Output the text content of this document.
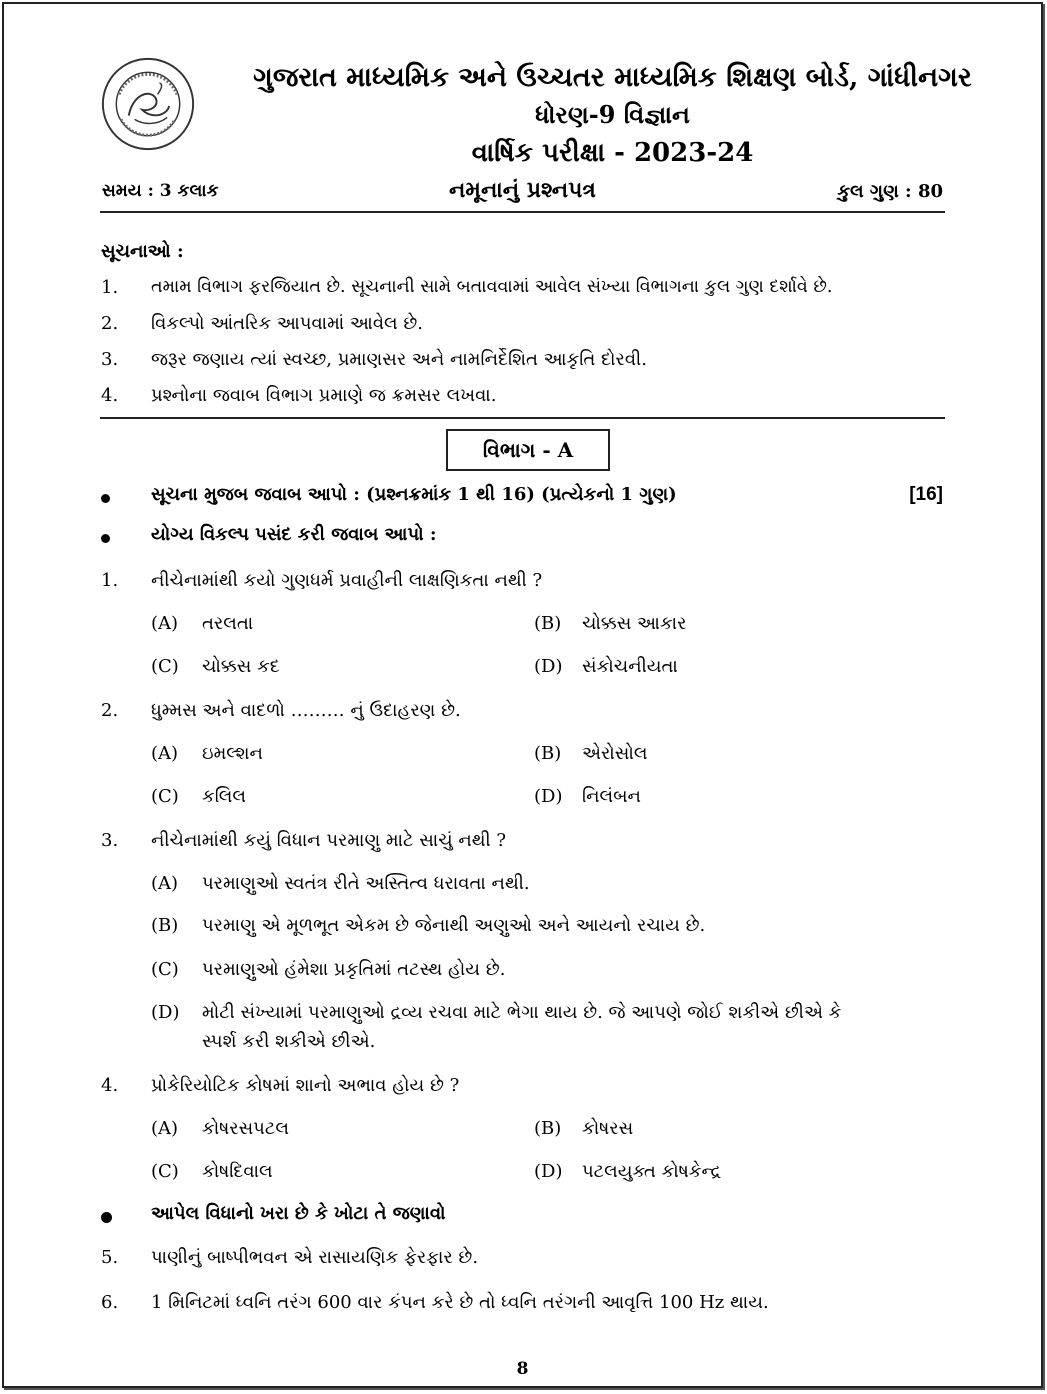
ગુજરાત માધ્યમિક અને ઉચ્ચતર માધ્યમિક શિક્ષણ બોર્ડ, ગાંધીનગર
ધોરણ-9 વિજ્ઞાન
વાર્ષિક પરીક્ષા - 2023-24
સમય : 3 કલાક	નમૂનાનું પ્રશ્નપત્ર	કુલ ગુણ : 80
સૂચનાઓ :
1. તમામ વિભાગ ફરજિયાત છે. સૂચનાની સામે બતાવવામાં આવેલ સંખ્યા વિભાગના કુલ ગુણ દર્શાવે છે.
2. વિકલ્પો આંતરિક આપવામાં આવેલ છે.
3. જરૂર જણાય ત્યાં સ્વચ્છ, પ્રમાણસર અને નામનિર્દેશિત આકૃતિ દોરવી.
4. પ્રશ્નોના જવાબ વિભાગ પ્રમાણે જ ક્રમસર લખવા.
વિભાગ - A
સૂચના મુજબ જવાબ આપો : (પ્રશ્નક્રમાંક 1 થી 16) (પ્રત્યેકનો 1 ગુણ)	[16]
યોગ્ય વિકલ્પ પસંદ કરી જવાબ આપો :
1. નીચેનામાંથી કયો ગુણધર્મ પ્રવાહીની લાક્ષણિકતા નથી ?
(A) તરલતા	(B) ચોક્કસ આકાર
(C) ચોક્કસ કદ	(D) સંકોચનીયતા
2. ધુમ્મસ અને વાદળો ……… નું ઉદાહરણ છે.
(A) ઇમલ્શન	(B) એરોસોલ
(C) કલિલ	(D) નિલંબન
3. નીચેનામાંથી કયું વિધાન પરમાણુ માટે સાચું નથી ?
(A) પરમાણુઓ સ્વતંત્ર રીતે અસ્તિત્વ ધરાવતા નથી.
(B) પરમાણુ એ મૂળભૂત એકમ છે જેનાથી અણુઓ અને આયનો રચાય છે.
(C) પરમાણુઓ હંમેશા પ્રકૃતિમાં તટસ્થ હોય છે.
(D) મોટી સંખ્યામાં પરમાણુઓ દ્રવ્ય રચવા માટે ભેગા થાય છે. જે આપણે જોઈ શકીએ છીએ કે
સ્પર્શ કરી શકીએ છીએ.
4. પ્રોકેરિયોટિક કોષમાં શાનો અભાવ હોય છે ?
(A) કોષરસપટલ	(B) કોષરસ
(C) કોષદિવાલ	(D) પટલયુક્ત કોષકેન્દ્ર
આપેલ વિધાનો ખરા છે કે ખોટા તે જણાવો
5. પાણીનું બાષ્પીભવન એ રાસાયણિક ફેરફાર છે.
6. 1 મિનિટમાં ધ્વનિ તરંગ 600 વાર કંપન કરે છે તો ધ્વનિ તરંગની આવૃત્તિ 100 Hz થાય.
8
